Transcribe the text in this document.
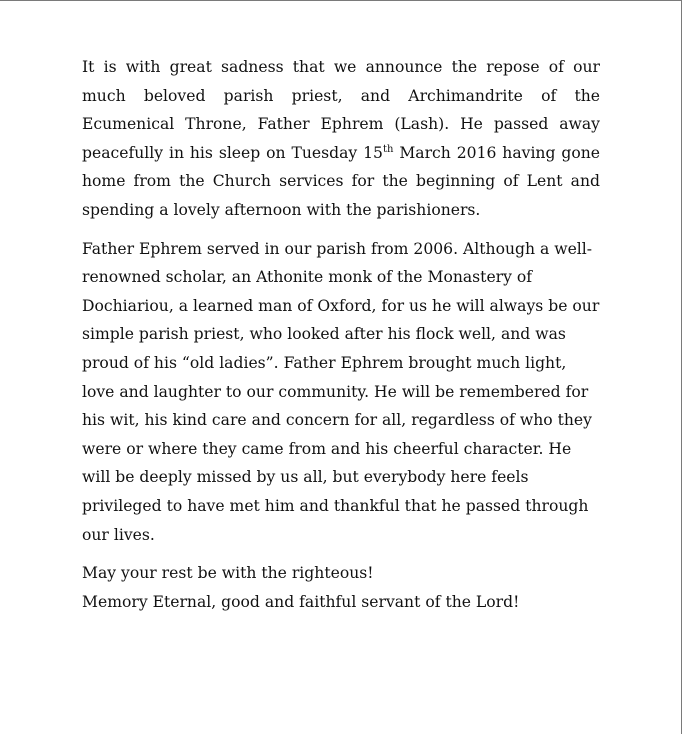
It is with great sadness that we announce the repose of our much beloved parish priest, and Archimandrite of the Ecumenical Throne, Father Ephrem (Lash). He passed away peacefully in his sleep on Tuesday 15th March 2016 having gone home from the Church services for the beginning of Lent and spending a lovely afternoon with the parishioners.

Father Ephrem served in our parish from 2006. Although a well-renowned scholar, an Athonite monk of the Monastery of Dochiariou, a learned man of Oxford, for us he will always be our simple parish priest, who looked after his flock well, and was proud of his “old ladies”. Father Ephrem brought much light, love and laughter to our community. He will be remembered for his wit, his kind care and concern for all, regardless of who they were or where they came from and his cheerful character. He will be deeply missed by us all, but everybody here feels privileged to have met him and thankful that he passed through our lives.

May your rest be with the righteous!
Memory Eternal, good and faithful servant of the Lord!
